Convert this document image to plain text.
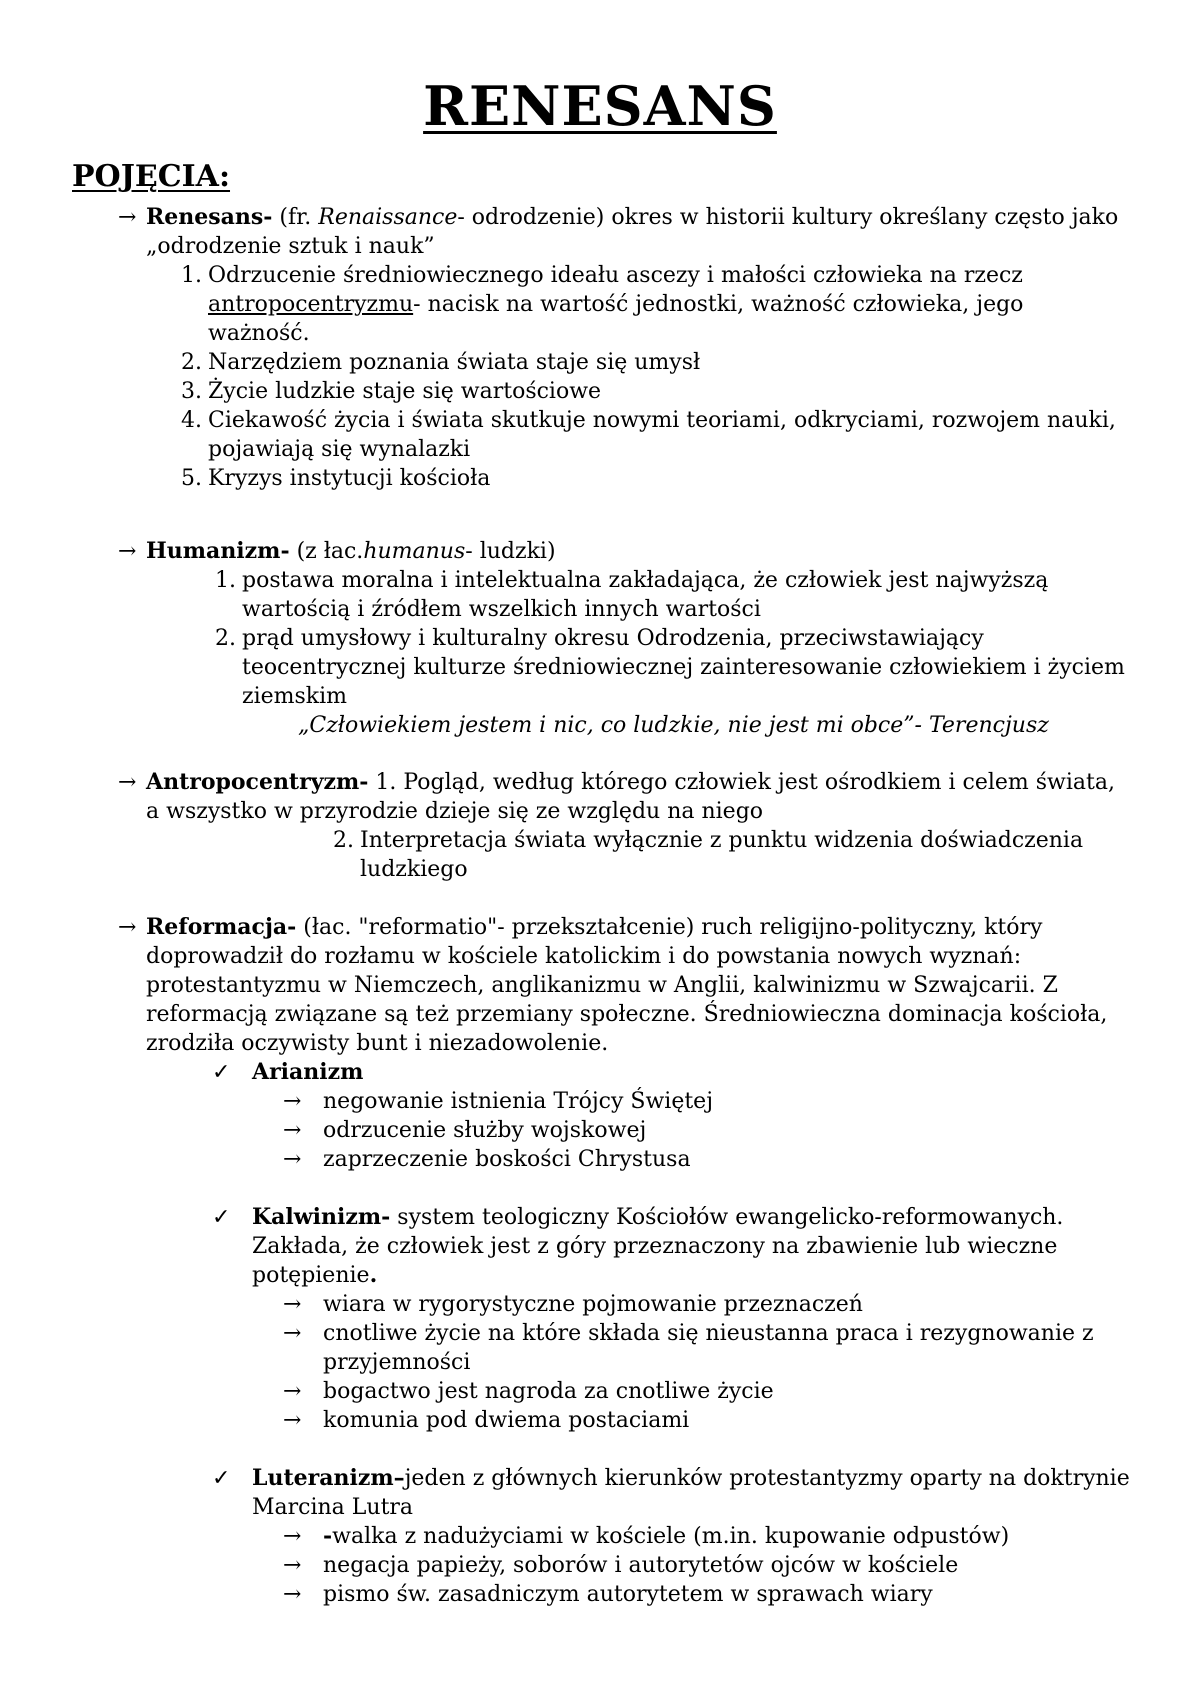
RENESANS
POJĘCIA:
→ Renesans- (fr. Renaissance- odrodzenie) okres w historii kultury określany często jako „odrodzenie sztuk i nauk”
1. Odrzucenie średniowiecznego ideału ascezy i małości człowieka na rzecz antropocentryzmu- nacisk na wartość jednostki, ważność człowieka, jego ważność.
2. Narzędziem poznania świata staje się umysł
3. Życie ludzkie staje się wartościowe
4. Ciekawość życia i świata skutkuje nowymi teoriami, odkryciami, rozwojem nauki, pojawiają się wynalazki
5. Kryzys instytucji kościoła
→ Humanizm- (z łac.humanus- ludzki)
1. postawa moralna i intelektualna zakładająca, że człowiek jest najwyższą wartością i źródłem wszelkich innych wartości
2. prąd umysłowy i kulturalny okresu Odrodzenia, przeciwstawiający teocentrycznej kulturze średniowiecznej zainteresowanie człowiekiem i życiem ziemskim
„Człowiekiem jestem i nic, co ludzkie, nie jest mi obce”- Terencjusz
→ Antropocentryzm- 1. Pogląd, według którego człowiek jest ośrodkiem i celem świata, a wszystko w przyrodzie dzieje się ze względu na niego
2. Interpretacja świata wyłącznie z punktu widzenia doświadczenia ludzkiego
→ Reformacja- (łac. "reformatio"- przekształcenie) ruch religijno-polityczny, który doprowadził do rozłamu w kościele katolickim i do powstania nowych wyznań: protestantyzmu w Niemczech, anglikanizmu w Anglii, kalwinizmu w Szwajcarii. Z reformacją związane są też przemiany społeczne. Średniowieczna dominacja kościoła, zrodziła oczywisty bunt i niezadowolenie.
✓ Arianizm
→ negowanie istnienia Trójcy Świętej
→ odrzucenie służby wojskowej
→ zaprzeczenie boskości Chrystusa
✓ Kalwinizm- system teologiczny Kościołów ewangelicko-reformowanych. Zakłada, że człowiek jest z góry przeznaczony na zbawienie lub wieczne potępienie.
→ wiara w rygorystyczne pojmowanie przeznaczeń
→ cnotliwe życie na które składa się nieustanna praca i rezygnowanie z przyjemności
→ bogactwo jest nagroda za cnotliwe życie
→ komunia pod dwiema postaciami
✓ Luteranizm–jeden z głównych kierunków protestantyzmy oparty na doktrynie Marcina Lutra
→ -walka z nadużyciami w kościele (m.in. kupowanie odpustów)
→ negacja papieży, soborów i autorytetów ojców w kościele
→ pismo św. zasadniczym autorytetem w sprawach wiary
